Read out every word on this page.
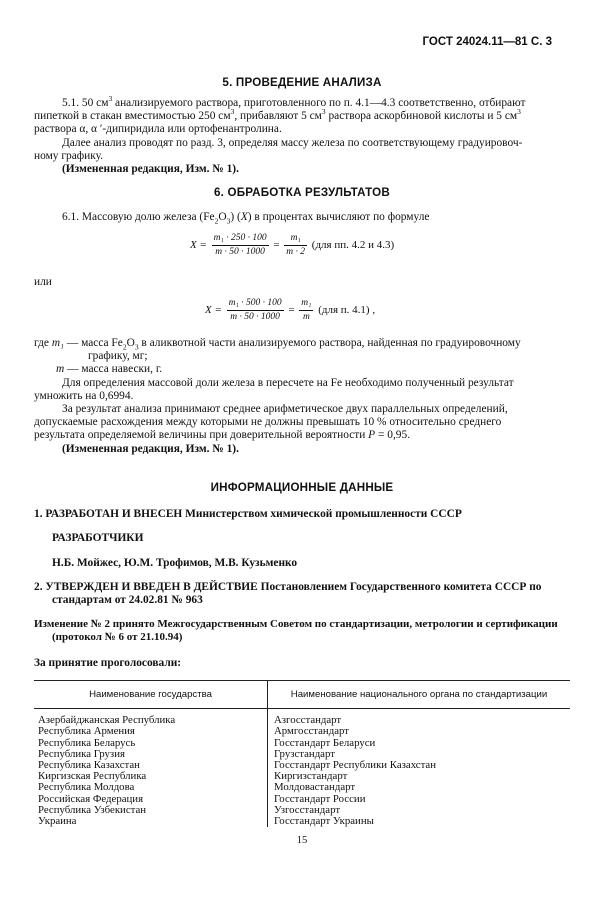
ГОСТ 24024.11—81 С. 3
5. ПРОВЕДЕНИЕ АНАЛИЗА
5.1. 50 $см^3$ анализируемого раствора, приготовленного по п. 4.1—4.3 соответственно, отбирают
пипеткой в стакан вместимостью 250 $см^3$, прибавляют 5 $см^3$ раствора аскорбиновой кислоты и 5 $см^3$
раствора α, α ′-дипиридила или ортофенантролина.
Далее анализ проводят по разд. 3, определяя массу железа по соответствующему градуировоч-
ному графику.
(Измененная редакция, Изм. № 1).
6. ОБРАБОТКА РЕЗУЛЬТАТОВ
6.1. Массовую долю железа $(Fe_2O_3)$ (X) в процентах вычисляют по формуле
$X = \frac{\text{m₁ · 250 · 100}}{m \cdot 50 \cdot 1000} = \frac{\text{m₁}}{m \cdot 2} (для$ пп. 4.2 и 4.3)
или
$X = \frac{\text{m₁ · 500 · 100}}{m \cdot 50 \cdot 1000} = \frac{\text{m₁}}{m} (для$ п. 4.1) ,
где m₁ — масса $Fe_2O_3$ в аликвотной части анализируемого раствора, найденная по градуировочному
графику, мг;
m — масса навески, г.
Для определения массовой доли железа в пересчете на Fe необходимо полученный результат
умножить на 0,6994.
За результат анализа принимают среднее арифметическое двух параллельных определений,
допускаемые расхождения между которыми не должны превышать 10 % относительно среднего
результата определяемой величины при доверительной вероятности P = 0,95.
(Измененная редакция, Изм. № 1).
ИНФОРМАЦИОННЫЕ ДАННЫЕ
1. РАЗРАБОТАН И ВНЕСЕН Министерством химической промышленности СССР
РАЗРАБОТЧИКИ
Н.Б. Мойжес, Ю.М. Трофимов, М.В. Кузьменко
2. УТВЕРЖДЕН И ВВЕДЕН В ДЕЙСТВИЕ Постановлением Государственного комитета СССР по
стандартам от 24.02.81 № 963
Изменение № 2 принято Межгосударственным Советом по стандартизации, метрологии и сертификации
(протокол № 6 от 21.10.94)
За принятие проголосовали:
Наименование государства	Наименование национального органа по стандартизации
Азербайджанская Республика	Азгосстандарт
Республика Армения	Армгосстандарт
Республика Беларусь	Госстандарт Беларуси
Республика Грузия	Грузстандарт
Республика Казахстан	Госстандарт Республики Казахстан
Киргизская Республика	Киргизстандарт
Республика Молдова	Молдовастандарт
Российская Федерация	Госстандарт России
Республика Узбекистан	Узгосстандарт
Украина	Госстандарт Украины
15
